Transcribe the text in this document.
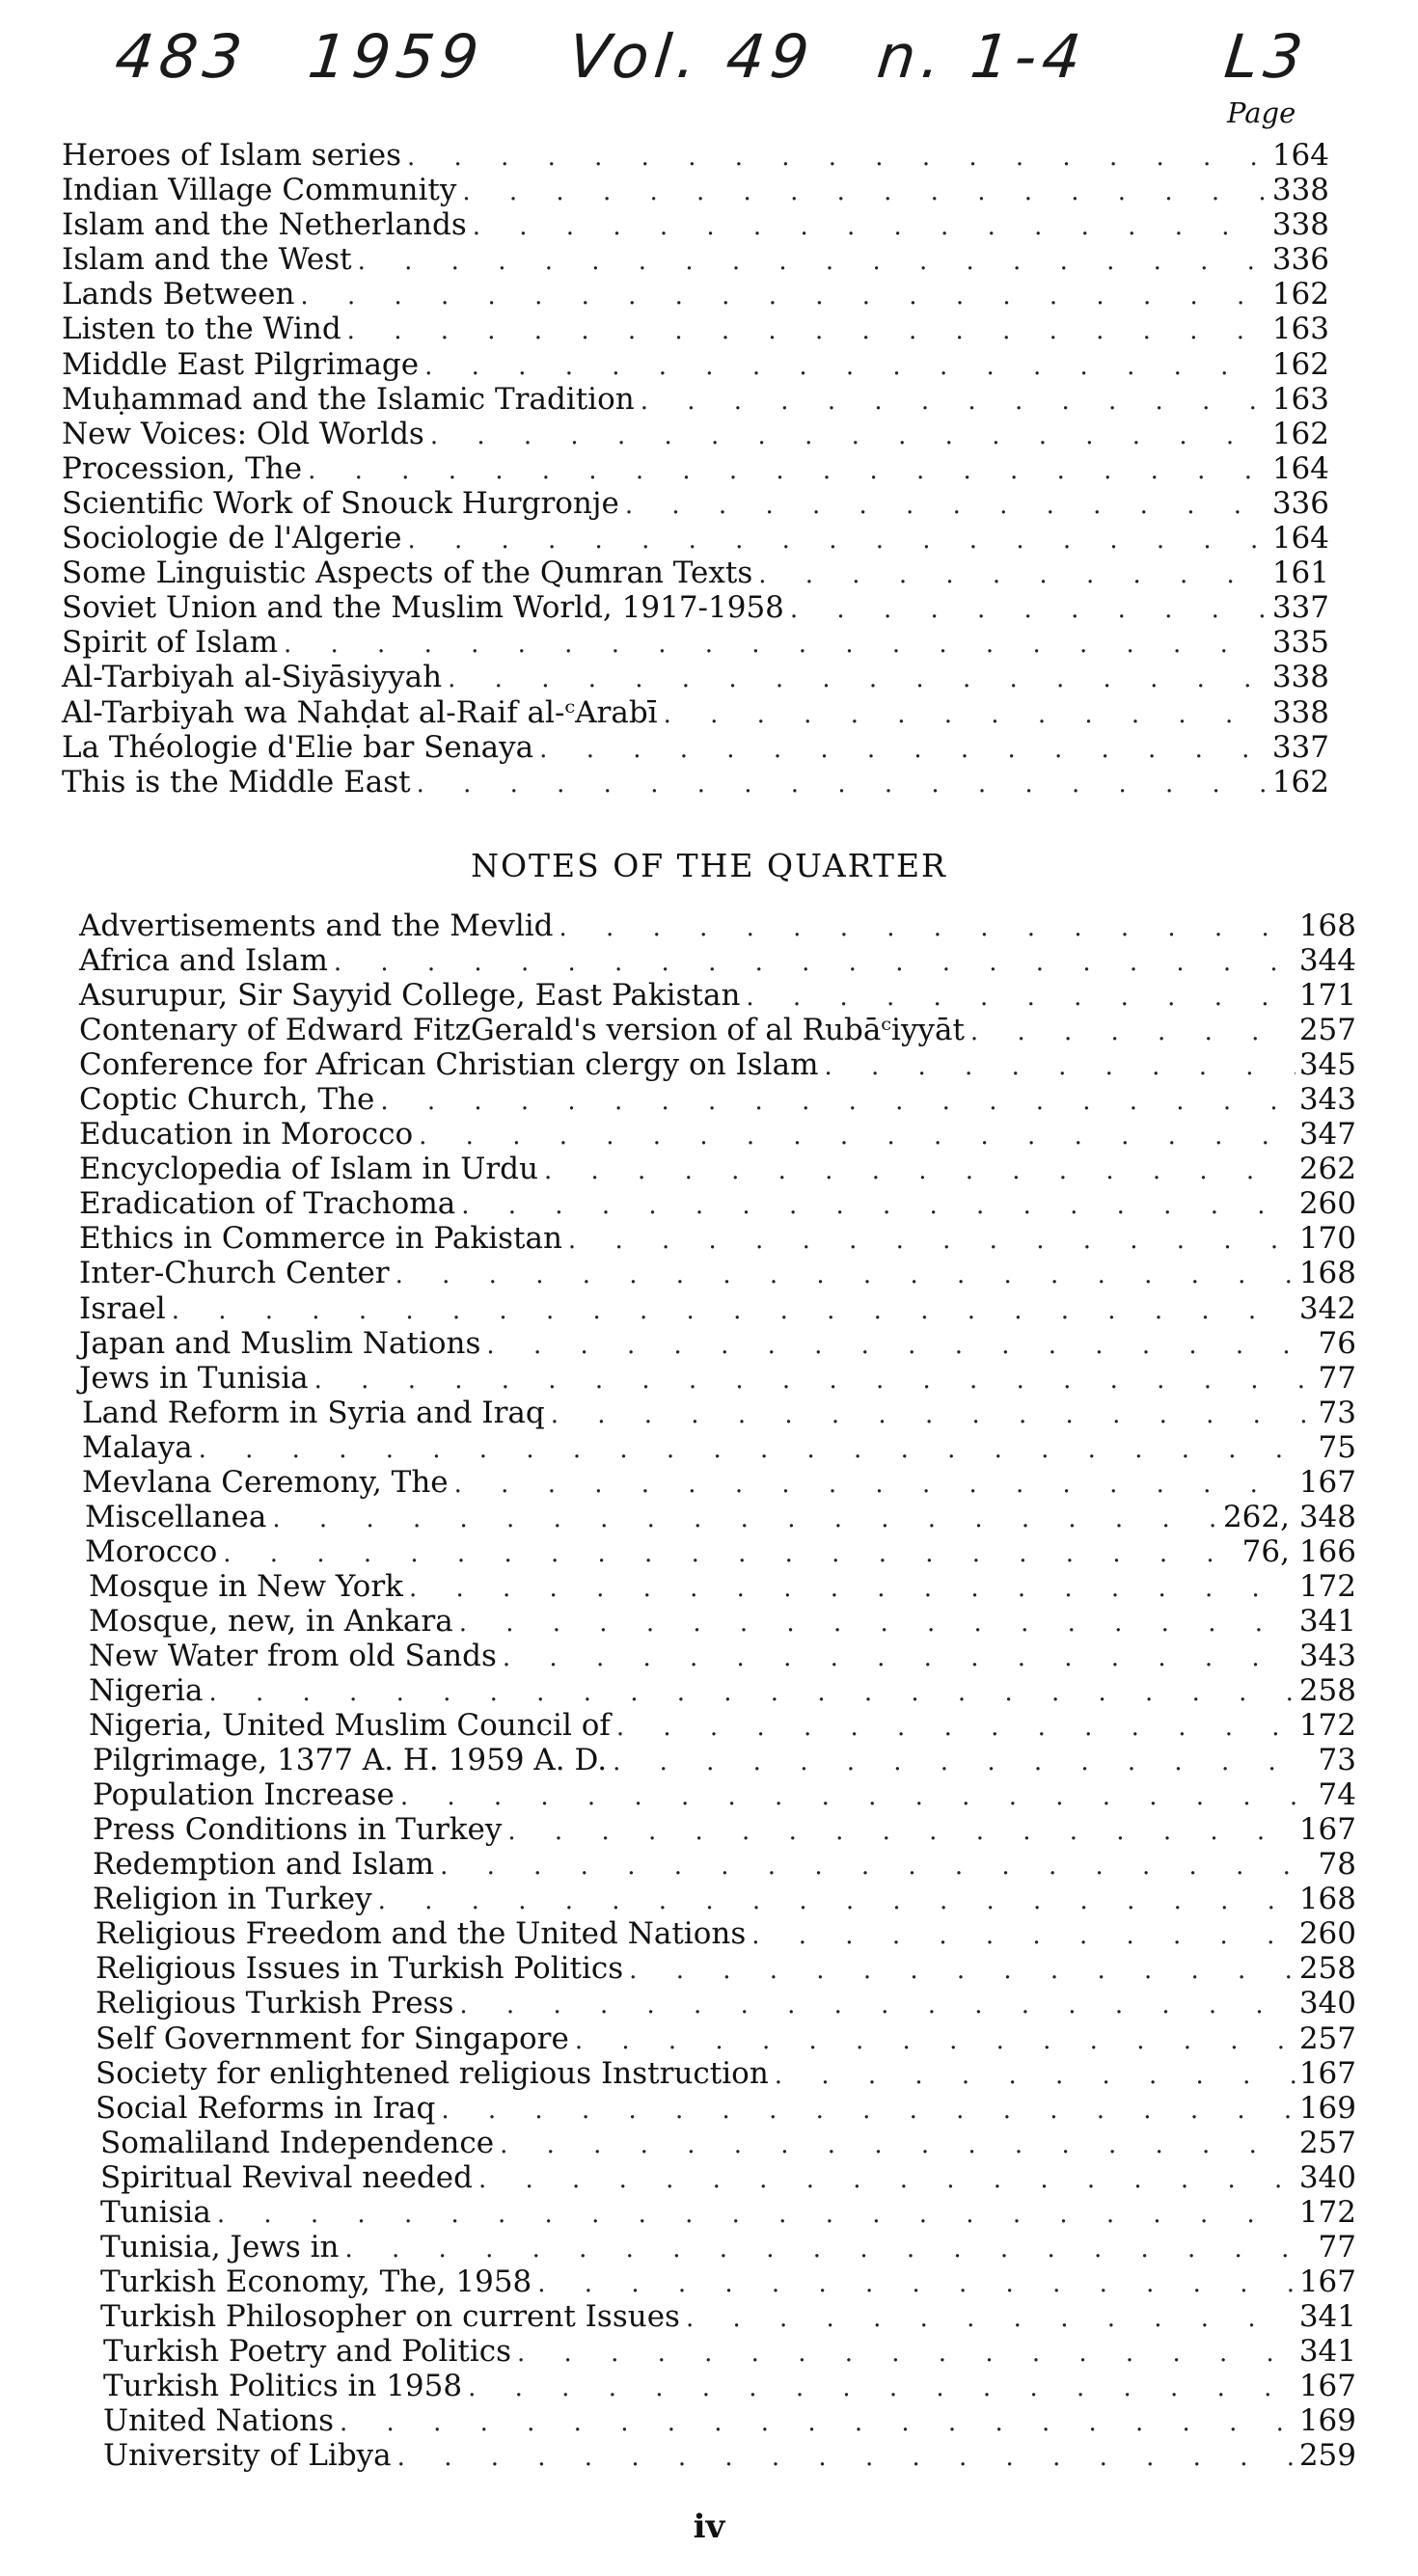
483 1959 Vol. 49 n. 1-4 L3
Page
Heroes of Islam series . . .	164
Indian Village Community . . .	338
Islam and the Netherlands . . .	338
Islam and the West . . .	336
Lands Between . . .	162
Listen to the Wind . . .	163
Middle East Pilgrimage . . .	162
Muḥammad and the Islamic Tradition . . .	163
New Voices: Old Worlds . . .	162
Procession, The . . .	164
Scientific Work of Snouck Hurgronje . . .	336
Sociologie de l'Algerie . . .	164
Some Linguistic Aspects of the Qumran Texts . . .	161
Soviet Union and the Muslim World, 1917-1958 . . .	337
Spirit of Islam . . .	335
Al-Tarbiyah al-Siyāsiyyah . . .	338
Al-Tarbiyah wa Nahḍat al-Raif al-ᶜArabī . . .	338
La Théologie d'Elie bar Senaya . . .	337
This is the Middle East . . .	162
NOTES OF THE QUARTER
Advertisements and the Mevlid . . .	168
Africa and Islam . . .	344
Asurupur, Sir Sayyid College, East Pakistan . . .	171
Contenary of Edward FitzGerald's version of al Rubāᶜiyyāt . . .	257
Conference for African Christian clergy on Islam . . .	345
Coptic Church, The . . .	343
Education in Morocco . . .	347
Encyclopedia of Islam in Urdu . . .	262
Eradication of Trachoma . . .	260
Ethics in Commerce in Pakistan . . .	170
Inter-Church Center . . .	168
Israel . . .	342
Japan and Muslim Nations . . .	76
Jews in Tunisia . . .	77
Land Reform in Syria and Iraq . . .	73
Malaya . . .	75
Mevlana Ceremony, The . . .	167
Miscellanea . . .	262, 348
Morocco . . .	76, 166
Mosque in New York . . .	172
Mosque, new, in Ankara . . .	341
New Water from old Sands . . .	343
Nigeria . . .	258
Nigeria, United Muslim Council of . . .	172
Pilgrimage, 1377 A. H. 1959 A. D. . . .	73
Population Increase . . .	74
Press Conditions in Turkey . . .	167
Redemption and Islam . . .	78
Religion in Turkey . . .	168
Religious Freedom and the United Nations . . .	260
Religious Issues in Turkish Politics . . .	258
Religious Turkish Press . . .	340
Self Government for Singapore . . .	257
Society for enlightened religious Instruction . . .	167
Social Reforms in Iraq . . .	169
Somaliland Independence . . .	257
Spiritual Revival needed . . .	340
Tunisia . . .	172
Tunisia, Jews in . . .	77
Turkish Economy, The, 1958 . . .	167
Turkish Philosopher on current Issues . . .	341
Turkish Poetry and Politics . . .	341
Turkish Politics in 1958 . . .	167
United Nations . . .	169
University of Libya . . .	259
iv
